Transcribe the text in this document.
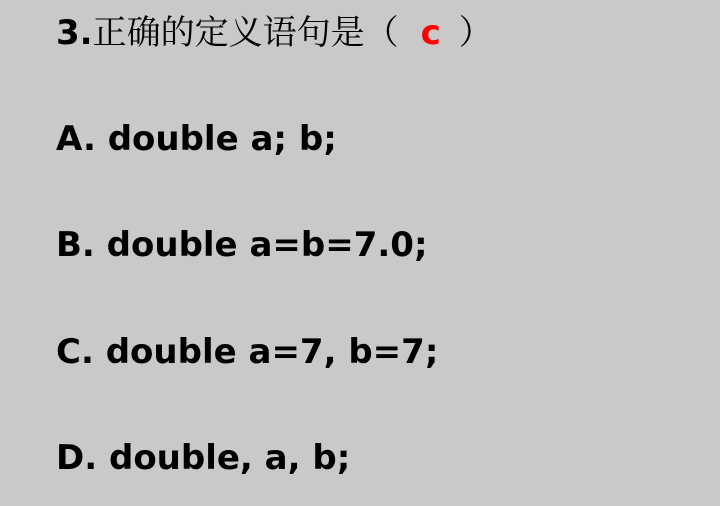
3.正确的定义语句是（ c ）
A. double a; b;
B. double a=b=7.0;
C. double a=7, b=7;
D. double, a, b;
